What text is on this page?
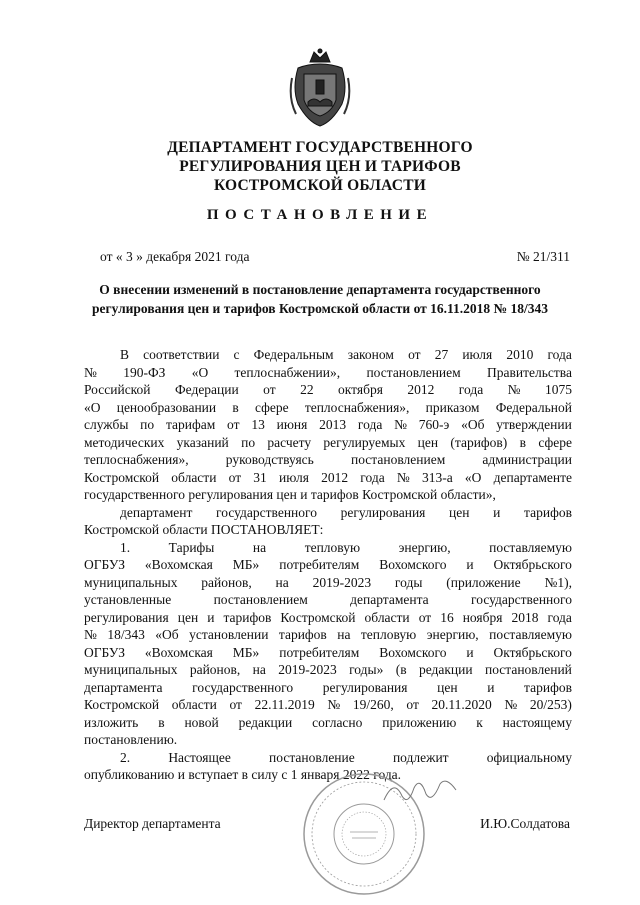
ДЕПАРТАМЕНТ ГОСУДАРСТВЕННОГО
РЕГУЛИРОВАНИЯ ЦЕН И ТАРИФОВ
КОСТРОМСКОЙ ОБЛАСТИ
ПОСТАНОВЛЕНИЕ
от « 3 » декабря 2021 года	№ 21/311
О внесении изменений в постановление департамента государственного
регулирования цен и тарифов Костромской области от 16.11.2018 № 18/343
В соответствии с Федеральным законом от 27 июля 2010 года
№ 190-ФЗ «О теплоснабжении», постановлением Правительства
Российской Федерации от 22 октября 2012 года № 1075
«О ценообразовании в сфере теплоснабжения», приказом Федеральной
службы по тарифам от 13 июня 2013 года № 760-э «Об утверждении
методических указаний по расчету регулируемых цен (тарифов) в сфере
теплоснабжения»,	руководствуясь	постановлением	администрации
Костромской области от 31 июля 2012 года № 313-а «О департаменте
государственного регулирования цен и тарифов Костромской области»,
департамент государственного регулирования цен и тарифов
Костромской области ПОСТАНОВЛЯЕТ:
1.	Тарифы	на	тепловую	энергию,	поставляемую
ОГБУЗ «Вохомская МБ» потребителям Вохомского и Октябрьского
муниципальных районов, на 2019-2023 годы (приложение №1),
установленные	постановлением	департамента	государственного
регулирования цен и тарифов Костромской области от 16 ноября 2018 года
№ 18/343 «Об установлении тарифов на тепловую энергию, поставляемую
ОГБУЗ «Вохомская МБ» потребителям Вохомского и Октябрьского
муниципальных районов, на 2019-2023 годы» (в редакции постановлений
департамента государственного регулирования цен и тарифов
Костромской области от 22.11.2019 № 19/260, от 20.11.2020 № 20/253)
изложить в новой редакции согласно приложению к настоящему
постановлению.
2.	Настоящее	постановление	подлежит	официальному
опубликованию и вступает в силу с 1 января 2022 года.
Директор департамента	И.Ю.Солдатова
